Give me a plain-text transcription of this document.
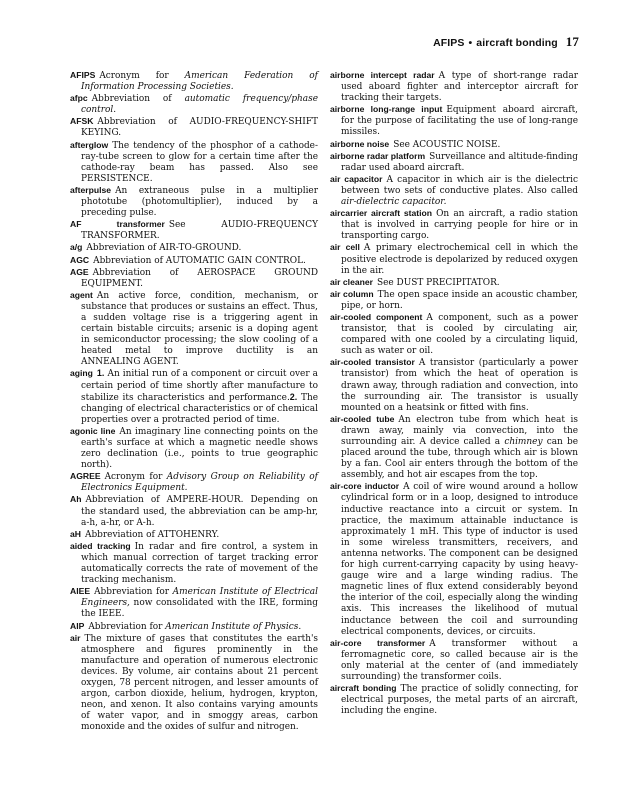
AFIPS • aircraft bonding 17
AFIPS Acronym for American Federation of Information Processing Societies.
afpc Abbreviation of automatic frequency/phase control.
AFSK Abbreviation of AUDIO-FREQUENCY-SHIFT KEYING.
afterglow The tendency of the phosphor of a cathode-ray-tube screen to glow for a certain time after the cathode-ray beam has passed. Also see PERSISTENCE.
afterpulse An extraneous pulse in a multiplier phototube (photomultiplier), induced by a preceding pulse.
AF transformer See AUDIO-FREQUENCY TRANSFORMER.
a/g Abbreviation of AIR-TO-GROUND.
AGC Abbreviation of AUTOMATIC GAIN CONTROL.
AGE Abbreviation of AEROSPACE GROUND EQUIPMENT.
agent An active force, condition, mechanism, or substance that produces or sustains an effect. Thus, a sudden voltage rise is a triggering agent in certain bistable circuits; arsenic is a doping agent in semiconductor processing; the slow cooling of a heated metal to improve ductility is an ANNEALING AGENT.
aging 1. An initial run of a component or circuit over a certain period of time shortly after manufacture to stabilize its characteristics and performance.2. The changing of electrical characteristics or of chemical properties over a protracted period of time.
agonic line An imaginary line connecting points on the earth's surface at which a magnetic needle shows zero declination (i.e., points to true geographic north).
AGREE Acronym for Advisory Group on Reliability of Electronics Equipment.
Ah Abbreviation of AMPERE-HOUR. Depending on the standard used, the abbreviation can be amp-hr, a-h, a-hr, or A-h.
aH Abbreviation of ATTOHENRY.
aided tracking In radar and fire control, a system in which manual correction of target tracking error automatically corrects the rate of movement of the tracking mechanism.
AIEE Abbreviation for American Institute of Electrical Engineers, now consolidated with the IRE, forming the IEEE.
AIP Abbreviation for American Institute of Physics.
air The mixture of gases that constitutes the earth's atmosphere and figures prominently in the manufacture and operation of numerous electronic devices. By volume, air contains about 21 percent oxygen, 78 percent nitrogen, and lesser amounts of argon, carbon dioxide, helium, hydrogen, krypton, neon, and xenon. It also contains varying amounts of water vapor, and in smoggy areas, carbon monoxide and the oxides of sulfur and nitrogen.
airborne intercept radar A type of short-range radar used aboard fighter and interceptor aircraft for tracking their targets.
airborne long-range input Equipment aboard aircraft, for the purpose of facilitating the use of long-range missiles.
airborne noise See ACOUSTIC NOISE.
airborne radar platform Surveillance and altitude-finding radar used aboard aircraft.
air capacitor A capacitor in which air is the dielectric between two sets of conductive plates. Also called air-dielectric capacitor.
aircarrier aircraft station On an aircraft, a radio station that is involved in carrying people for hire or in transporting cargo.
air cell A primary electrochemical cell in which the positive electrode is depolarized by reduced oxygen in the air.
air cleaner See DUST PRECIPITATOR.
air column The open space inside an acoustic chamber, pipe, or horn.
air-cooled component A component, such as a power transistor, that is cooled by circulating air, compared with one cooled by a circulating liquid, such as water or oil.
air-cooled transistor A transistor (particularly a power transistor) from which the heat of operation is drawn away, through radiation and convection, into the surrounding air. The transistor is usually mounted on a heatsink or fitted with fins.
air-cooled tube An electron tube from which heat is drawn away, mainly via convection, into the surrounding air. A device called a chimney can be placed around the tube, through which air is blown by a fan. Cool air enters through the bottom of the assembly, and hot air escapes from the top.
air-core inductor A coil of wire wound around a hollow cylindrical form or in a loop, designed to introduce inductive reactance into a circuit or system. In practice, the maximum attainable inductance is approximately 1 mH. This type of inductor is used in some wireless transmitters, receivers, and antenna networks. The component can be designed for high current-carrying capacity by using heavy-gauge wire and a large winding radius. The magnetic lines of flux extend considerably beyond the interior of the coil, especially along the winding axis. This increases the likelihood of mutual inductance between the coil and surrounding electrical components, devices, or circuits.
air-core transformer A transformer without a ferromagnetic core, so called because air is the only material at the center of (and immediately surrounding) the transformer coils.
aircraft bonding The practice of solidly connecting, for electrical purposes, the metal parts of an aircraft, including the engine.
